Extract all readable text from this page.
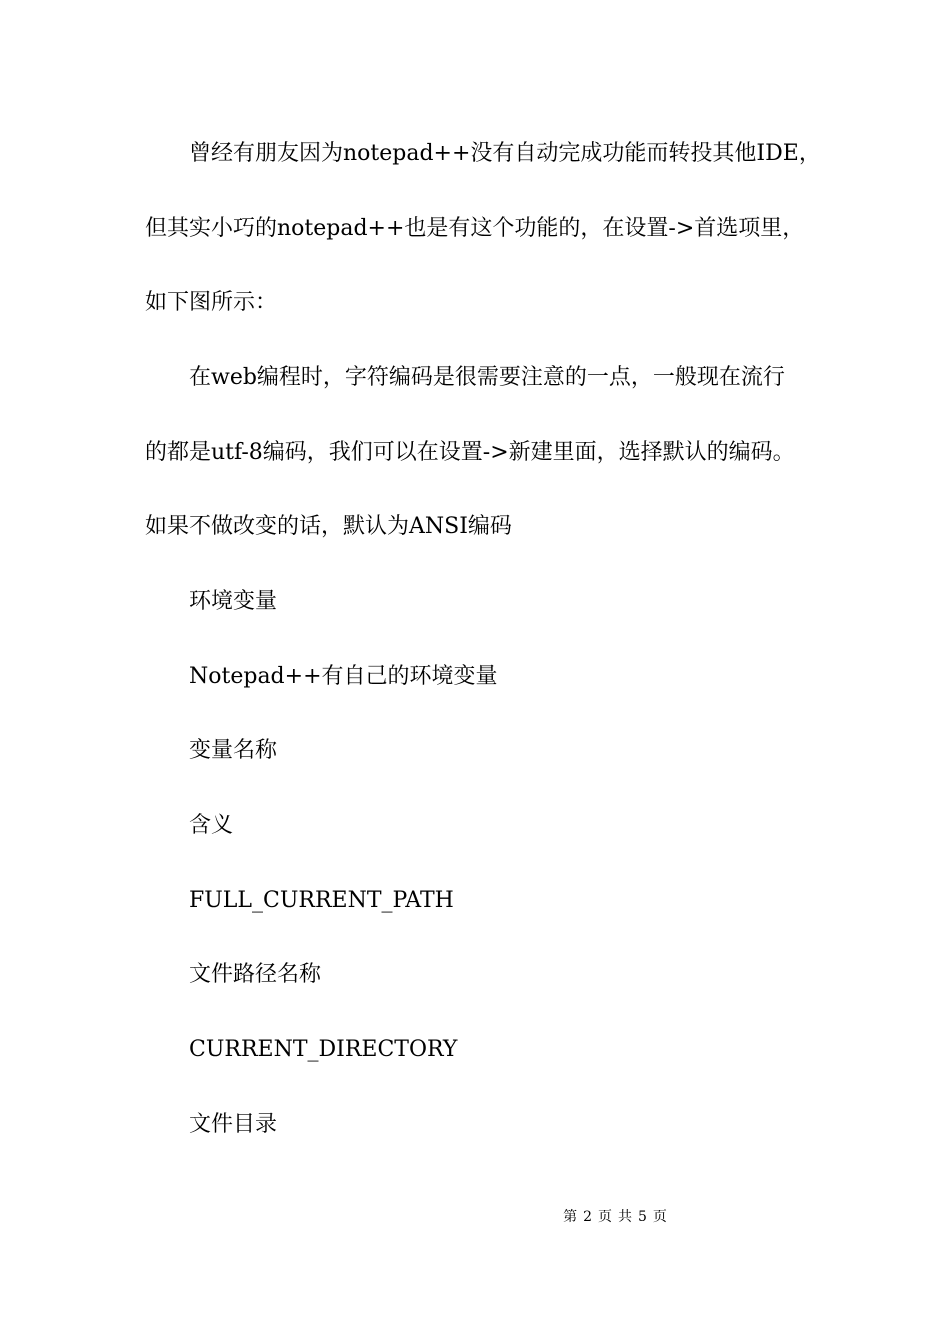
曾经有朋友因为notepad++没有自动完成功能而转投其他IDE，
但其实小巧的notepad++也是有这个功能的，在设置->首选项里，
如下图所示：
在web编程时，字符编码是很需要注意的一点，一般现在流行
的都是utf-8编码，我们可以在设置->新建里面，选择默认的编码。
如果不做改变的话，默认为ANSI编码
环境变量
Notepad++有自己的环境变量
变量名称
含义
FULL_CURRENT_PATH
文件路径名称
CURRENT_DIRECTORY
文件目录
第 2 页 共 5 页
